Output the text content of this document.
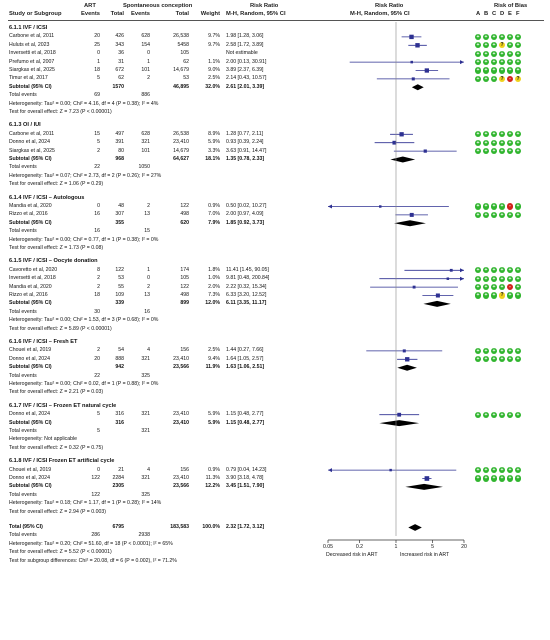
ART	Spontaneous conception	Risk Ratio	Risk Ratio	Risk of Bias
Study or Subgroup	Events	Total	Events	Total	Weight M-H, Random, 95% CI	M-H, Random, 95% CI	A B C D E F
6.1.1 IVF / ICSI
Carbone et al, 2011	20	426	628	26,538	9.7% 1.98 [1.28, 3.06]	+	+	+	+	+	+
Huluts et al, 2023	25	343	154	5458	9.7% 2.58 [1.72, 3.89]	+	+	+	?	+	+
Inversetti et al, 2018	0	36	0	105	Not estimable	+	+	+	+	+	+
Prefumo et al, 2007	1	31	1	62	1.1% 2.00 [0.13, 30.91]	+	+	+	+	+	+
Siargkas et al, 2025	18	672	101	14,679	9.0% 3.89 [2.37, 6.39]	+	+	+	+	+	+
Timur et al, 2017	5	62	2	53	2.5% 2.14 [0.43, 10.57]	+	+	+	?	-	?
Subtotal (95% CI)	1570	46,895	32.0% 2.61 [2.01, 3.39]
Total events	69	886
Heterogeneity: Tau² = 0.00; Chi² = 4.16, df = 4 (P = 0.38); I² = 4%
Test for overall effect: Z = 7.23 (P < 0.00001)
6.1.3 OI / IUI
Carbone et al, 2011	15	497	628	26,538	8.9% 1.28 [0.77, 2.11]	+	+	+	+	+	+
Donno et al, 2024	5	391	321	23,410	5.9% 0.93 [0.39, 2.24]	+	+	+	+	+	+
Siargkas et al, 2025	2	80	101	14,679	3.3% 3.63 [0.91, 14.47]	+	+	+	+	+	+
Subtotal (95% CI)	968	64,627	18.1% 1.35 [0.78, 2.33]
Total events	22	1050
Heterogeneity: Tau² = 0.07; Chi² = 2.73, df = 2 (P = 0.26); I² = 27%
Test for overall effect: Z = 1.06 (P = 0.29)
6.1.4 IVF / ICSI – Autologous
Mandia et al, 2020	0	48	2	122	0.9% 0.50 [0.02, 10.27]	+	+	+	+	-	+
Rizzo et al, 2016	16	307	13	498	7.0% 2.00 [0.97, 4.09]	+	+	+	+	+	+
Subtotal (95% CI)	355	620	7.9% 1.85 [0.92, 3.73]
Total events	16	15
Heterogeneity: Tau² = 0.00; Chi² = 0.77, df = 1 (P = 0.38); I² = 0%
Test for overall effect: Z = 1.73 (P = 0.08)
6.1.5 IVF / ICSI – Oocyte donation
Cavoretto et al, 2020	8	122	1	174	1.8% 11.41 [1.45, 90.05]	+	+	+	+	+	+
Inversetti et al, 2018	2	53	0	105	1.0% 9.81 [0.48, 200.84]	+	+	+	+	+	+
Mandia et al, 2020	2	55	2	122	2.0% 2.22 [0.32, 15.34]	+	+	+	+	-	+
Rizzo et al, 2016	18	109	13	498	7.3% 6.33 [3.20, 12.52]	+	+	+	?	+	+
Subtotal (95% CI)	339	899	12.0% 6.11 [3.35, 11.17]
Total events	30	16
Heterogeneity: Tau² = 0.00; Chi² = 1.53, df = 3 (P = 0.68); I² = 0%
Test for overall effect: Z = 5.89 (P < 0.00001)
6.1.6 IVF / ICSI – Fresh ET
Chouei et al, 2019	2	54	4	156	2.5% 1.44 [0.27, 7.66]	+	+	+	+	+	+
Donno et al, 2024	20	888	321	23,410	9.4% 1.64 [1.05, 2.57]	+	+	+	+	+	+
Subtotal (95% CI)	942	23,566	11.9% 1.63 [1.06, 2.51]
Total events	22	325
Heterogeneity: Tau² = 0.00; Chi² = 0.02, df = 1 (P = 0.88); I² = 0%
Test for overall effect: Z = 2.21 (P = 0.03)
6.1.7 IVF / ICSI – Frozen ET natural cycle
Donno et al, 2024	5	316	321	23,410	5.9% 1.15 [0.48, 2.77]	+	+	+	+	+	+
Subtotal (95% CI)	316	23,410	5.9% 1.15 [0.48, 2.77]
Total events	5	321
Heterogeneity: Not applicable
Test for overall effect: Z = 0.32 (P = 0.75)
6.1.8 IVF / ICSI Frozen ET artificial cycle
Chouei et al, 2019	0	21	4	156	0.9% 0.79 [0.04, 14.23]	+	+	+	+	+	+
Donno et al, 2024	122	2284	321	23,410	11.3% 3.90 [3.18, 4.78]	+	+	+	+	+	+
Subtotal (95% CI)	2305	23,566	12.2% 3.45 [1.51, 7.90]
Total events	122	325
Heterogeneity: Tau² = 0.18; Chi² = 1.17, df = 1 (P = 0.28); I² = 14%
Test for overall effect: Z = 2.94 (P = 0.003)
Total (95% CI)	6795	183,583	100.0% 2.32 [1.72, 3.12]
Total events	286	2938
Heterogeneity: Tau² = 0.20; Chi² = 51.60, df = 18 (P < 0.0001); I² = 65%
Test for overall effect: Z = 5.52 (P < 0.00001)
Test for subgroup differences: Chi² = 20.08, df = 6 (P = 0.002), I² = 71.2%
0.05	0.2	1	5	20
Decreased risk in ART	Increased risk in ART
